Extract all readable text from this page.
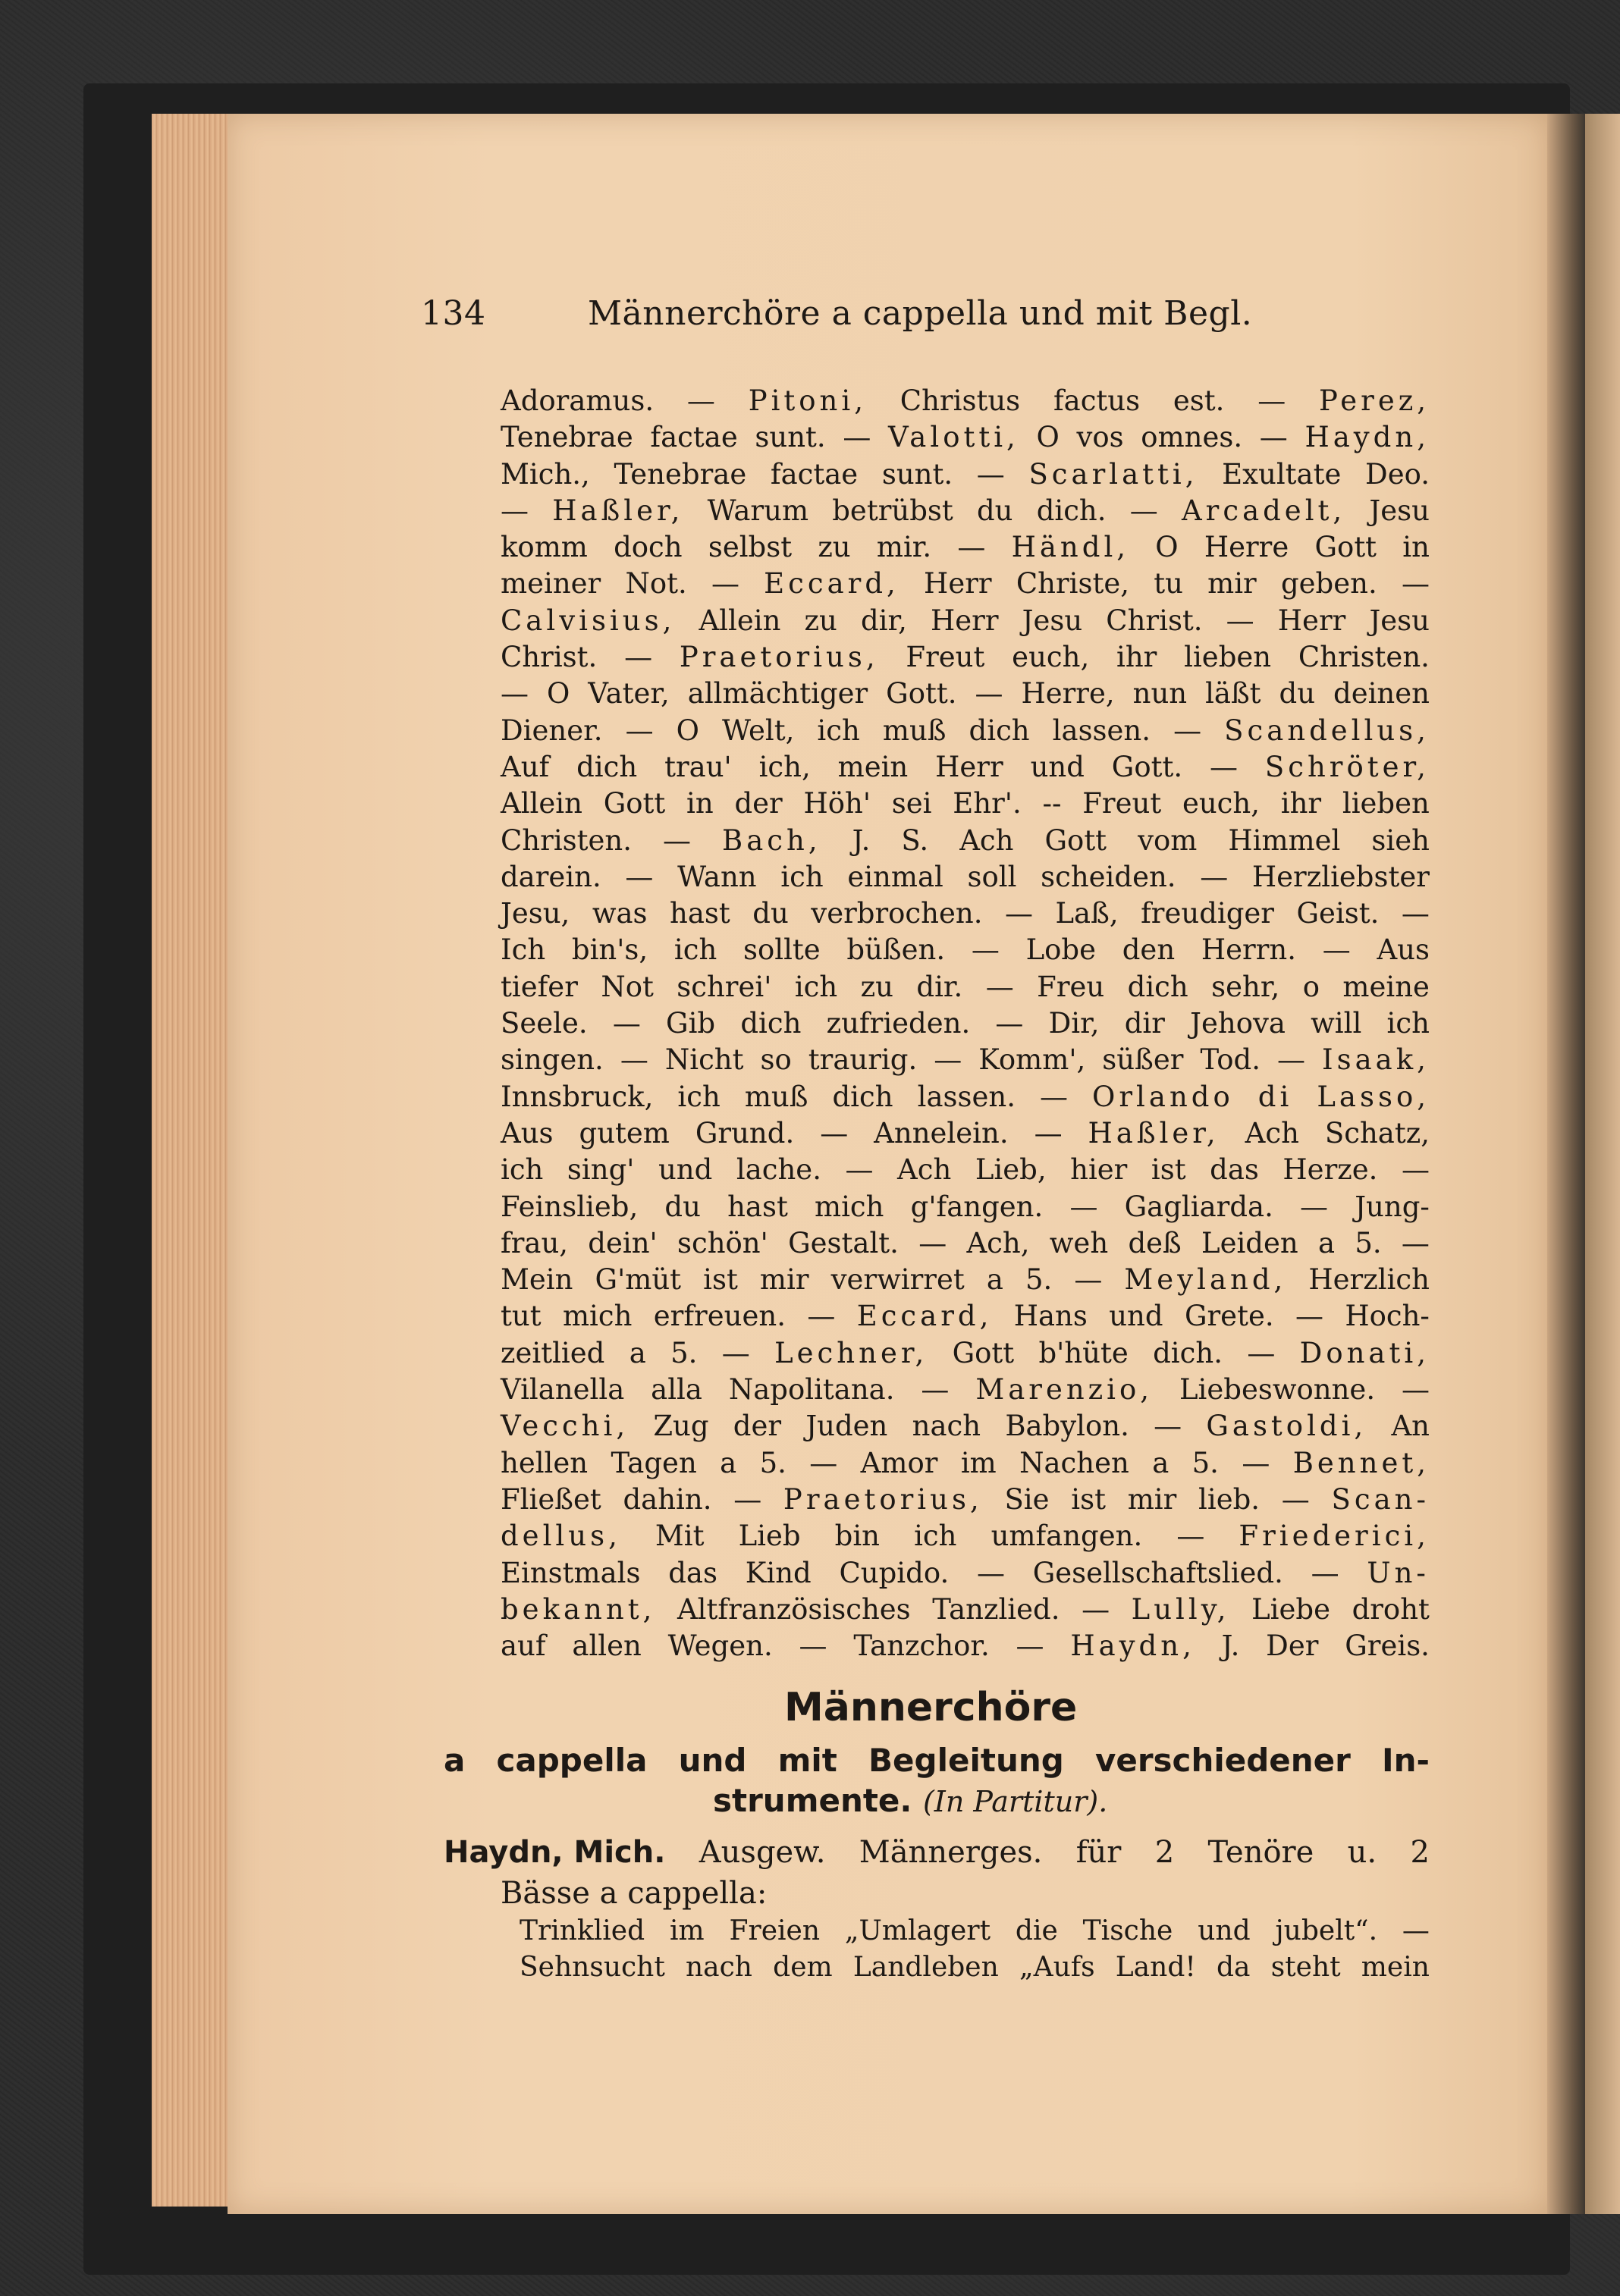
134	Männerchöre a cappella und mit Begl.
Adoramus. — Pitoni, Christus factus est. — Perez,
Tenebrae factae sunt. — Valotti, O vos omnes. — Haydn,
Mich., Tenebrae factae sunt. — Scarlatti, Exultate Deo.
— Haßler, Warum betrübst du dich. — Arcadelt, Jesu
komm doch selbst zu mir. — Händl, O Herre Gott in
meiner Not. — Eccard, Herr Christe, tu mir geben. —
Calvisius, Allein zu dir, Herr Jesu Christ. — Herr Jesu
Christ. — Praetorius, Freut euch, ihr lieben Christen.
— O Vater, allmächtiger Gott. — Herre, nun läßt du deinen
Diener. — O Welt, ich muß dich lassen. — Scandellus,
Auf dich trau' ich, mein Herr und Gott. — Schröter,
Allein Gott in der Höh' sei Ehr'. -- Freut euch, ihr lieben
Christen. — Bach, J. S. Ach Gott vom Himmel sieh
darein. — Wann ich einmal soll scheiden. — Herzliebster
Jesu, was hast du verbrochen. — Laß, freudiger Geist. —
Ich bin's, ich sollte büßen. — Lobe den Herrn. — Aus
tiefer Not schrei' ich zu dir. — Freu dich sehr, o meine
Seele. — Gib dich zufrieden. — Dir, dir Jehova will ich
singen. — Nicht so traurig. — Komm', süßer Tod. — Isaak,
Innsbruck, ich muß dich lassen. — Orlando di Lasso,
Aus gutem Grund. — Annelein. — Haßler, Ach Schatz,
ich sing' und lache. — Ach Lieb, hier ist das Herze. —
Feinslieb, du hast mich g'fangen. — Gagliarda. — Jung-
frau, dein' schön' Gestalt. — Ach, weh deß Leiden a 5. —
Mein G'müt ist mir verwirret a 5. — Meyland, Herzlich
tut mich erfreuen. — Eccard, Hans und Grete. — Hoch-
zeitlied a 5. — Lechner, Gott b'hüte dich. — Donati,
Vilanella alla Napolitana. — Marenzio, Liebeswonne. —
Vecchi, Zug der Juden nach Babylon. — Gastoldi, An
hellen Tagen a 5. — Amor im Nachen a 5. — Bennet,
Fließet dahin. — Praetorius, Sie ist mir lieb. — Scan-
dellus, Mit Lieb bin ich umfangen. — Friederici,
Einstmals das Kind Cupido. — Gesellschaftslied. — Un-
bekannt, Altfranzösisches Tanzlied. — Lully, Liebe droht
auf allen Wegen. — Tanzchor. — Haydn, J. Der Greis.
Männerchöre
a cappella und mit Begleitung verschiedener In-
strumente. (In Partitur).
Haydn, Mich. Ausgew. Männerges. für 2 Tenöre u. 2
Bässe a cappella:
Trinklied im Freien „Umlagert die Tische und jubelt“. —
Sehnsucht nach dem Landleben „Aufs Land! da steht mein
